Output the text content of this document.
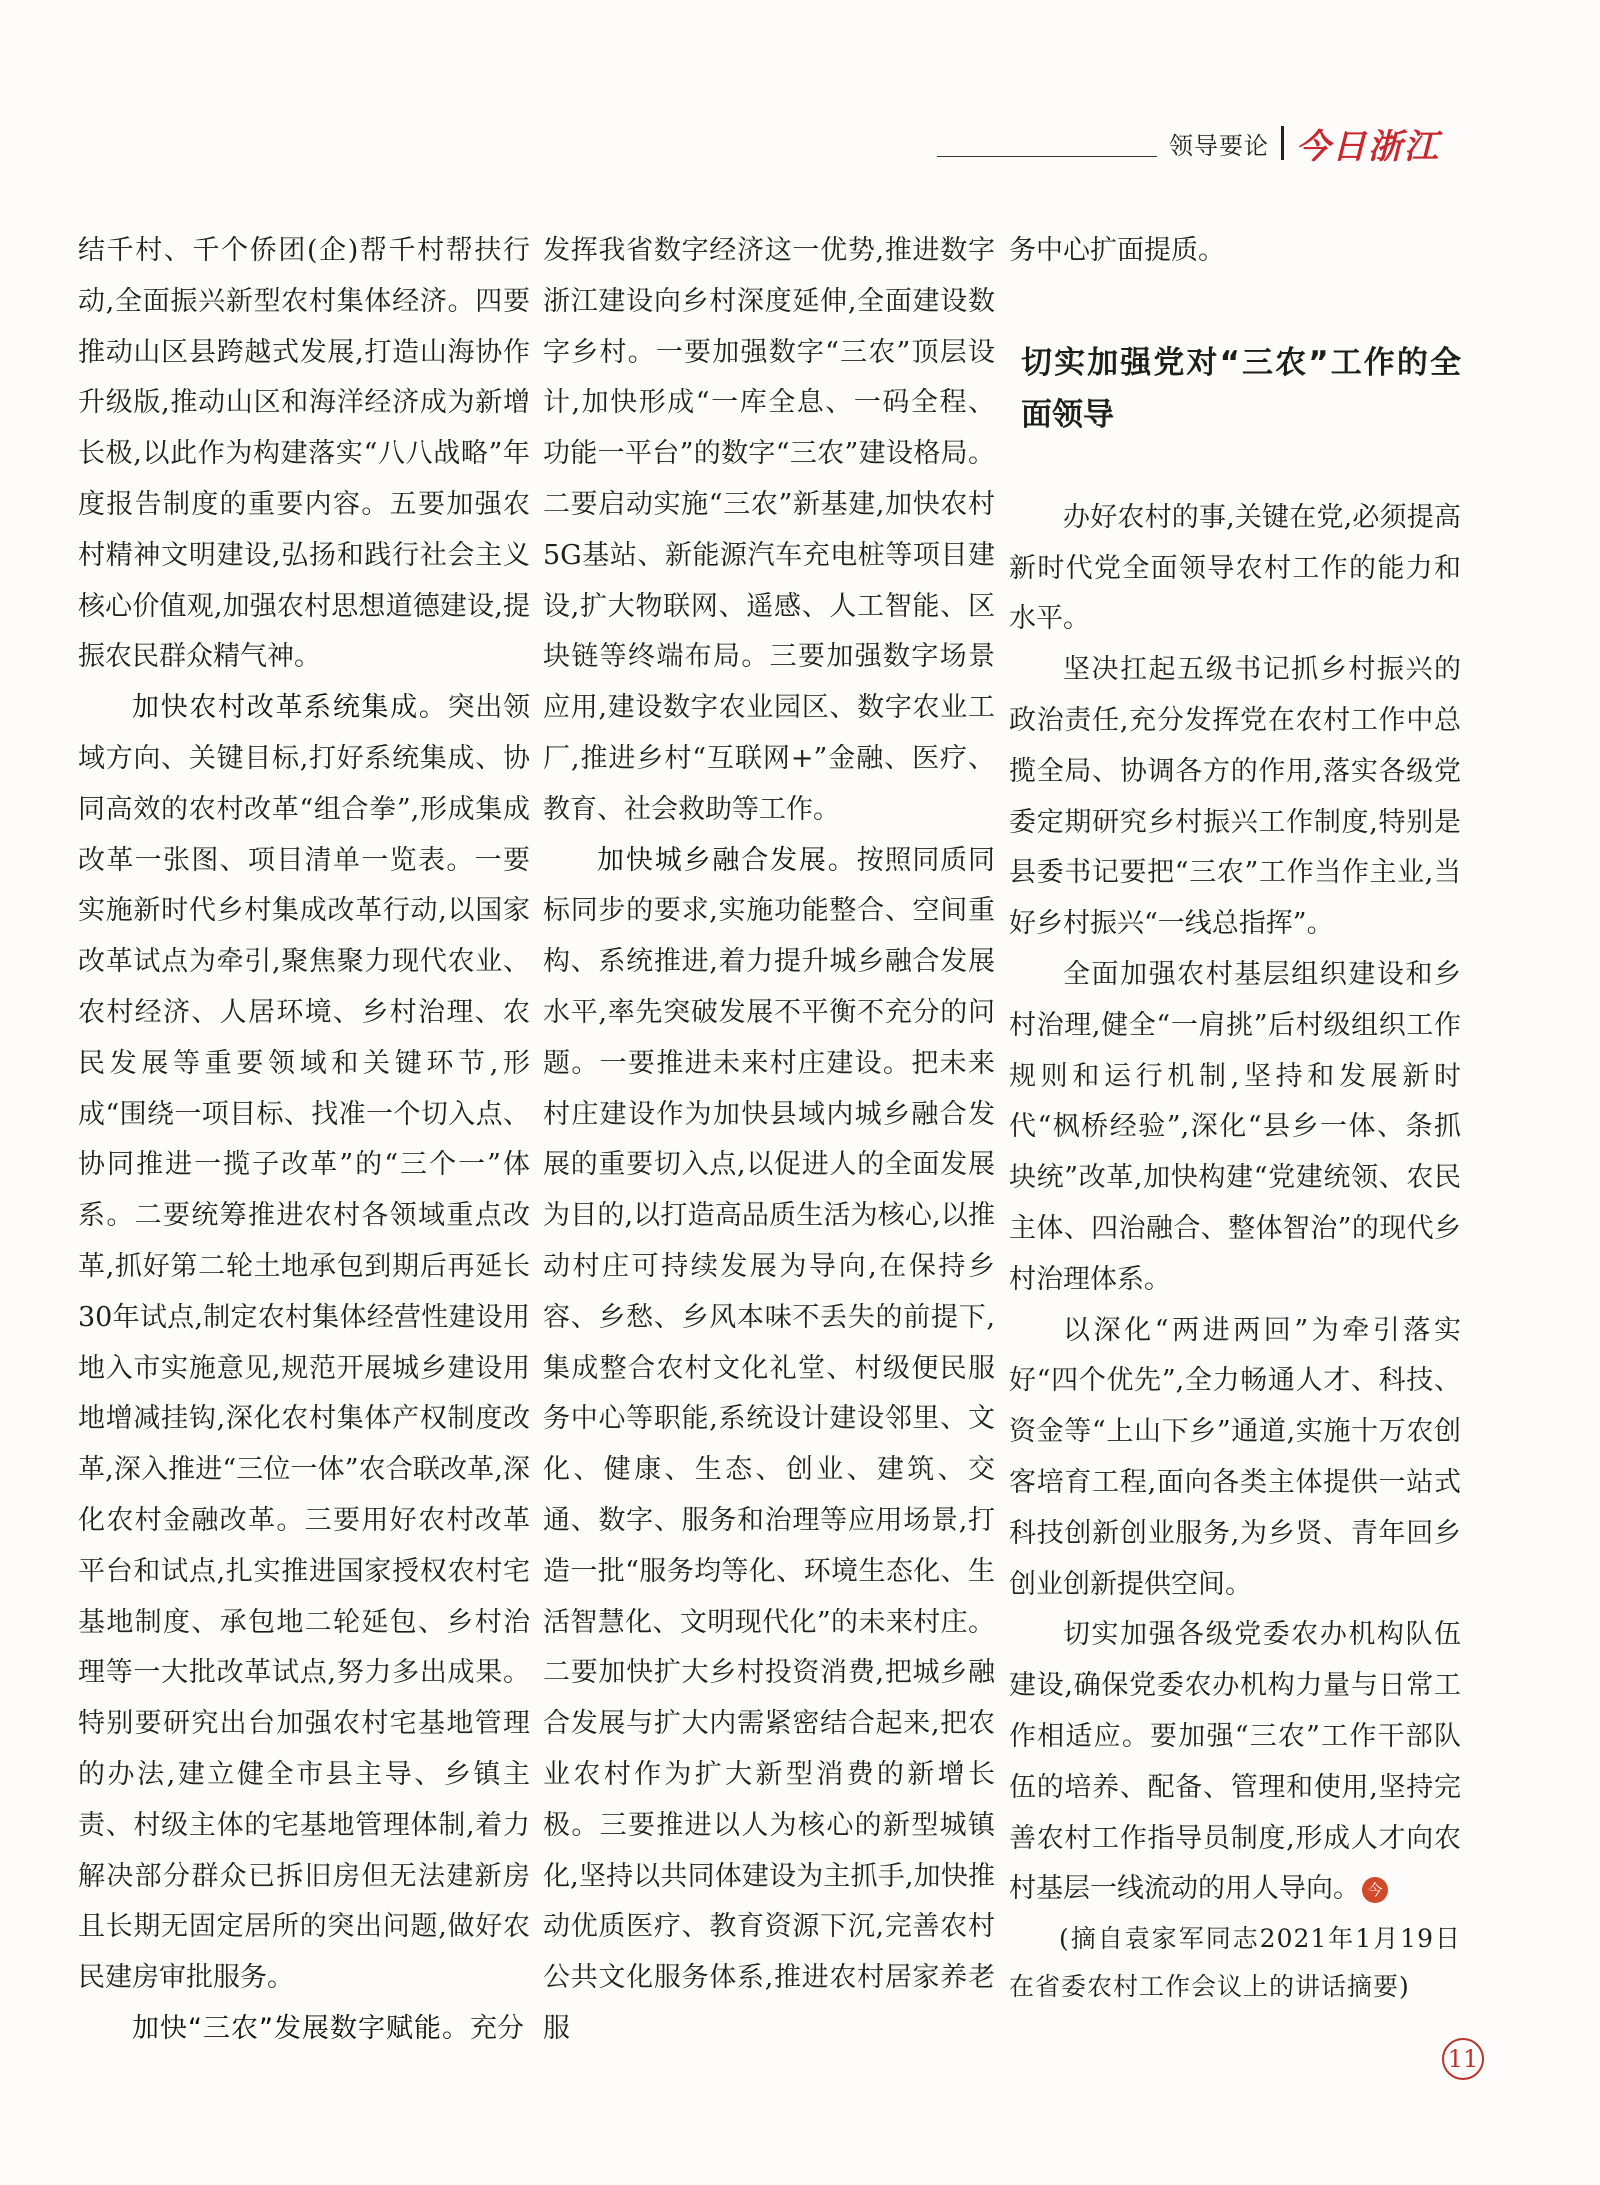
领导要论 今日浙江

结千村、千个侨团(企)帮千村帮扶行动,全面振兴新型农村集体经济。四要推动山区县跨越式发展,打造山海协作升级版,推动山区和海洋经济成为新增长极,以此作为构建落实“八八战略”年度报告制度的重要内容。五要加强农村精神文明建设,弘扬和践行社会主义核心价值观,加强农村思想道德建设,提振农民群众精气神。

加快农村改革系统集成。突出领域方向、关键目标,打好系统集成、协同高效的农村改革“组合拳”,形成集成改革一张图、项目清单一览表。一要实施新时代乡村集成改革行动,以国家改革试点为牵引,聚焦聚力现代农业、农村经济、人居环境、乡村治理、农民发展等重要领域和关键环节,形成“围绕一项目标、找准一个切入点、协同推进一揽子改革”的“三个一”体系。二要统筹推进农村各领域重点改革,抓好第二轮土地承包到期后再延长30年试点,制定农村集体经营性建设用地入市实施意见,规范开展城乡建设用地增减挂钩,深化农村集体产权制度改革,深入推进“三位一体”农合联改革,深化农村金融改革。三要用好农村改革平台和试点,扎实推进国家授权农村宅基地制度、承包地二轮延包、乡村治理等一大批改革试点,努力多出成果。特别要研究出台加强农村宅基地管理的办法,建立健全市县主导、乡镇主责、村级主体的宅基地管理体制,着力解决部分群众已拆旧房但无法建新房且长期无固定居所的突出问题,做好农民建房审批服务。

加快“三农”发展数字赋能。充分

发挥我省数字经济这一优势,推进数字浙江建设向乡村深度延伸,全面建设数字乡村。一要加强数字“三农”顶层设计,加快形成“一库全息、一码全程、功能一平台”的数字“三农”建设格局。二要启动实施“三农”新基建,加快农村5G基站、新能源汽车充电桩等项目建设,扩大物联网、遥感、人工智能、区块链等终端布局。三要加强数字场景应用,建设数字农业园区、数字农业工厂,推进乡村“互联网+”金融、医疗、教育、社会救助等工作。

加快城乡融合发展。按照同质同标同步的要求,实施功能整合、空间重构、系统推进,着力提升城乡融合发展水平,率先突破发展不平衡不充分的问题。一要推进未来村庄建设。把未来村庄建设作为加快县域内城乡融合发展的重要切入点,以促进人的全面发展为目的,以打造高品质生活为核心,以推动村庄可持续发展为导向,在保持乡容、乡愁、乡风本味不丢失的前提下,集成整合农村文化礼堂、村级便民服务中心等职能,系统设计建设邻里、文化、健康、生态、创业、建筑、交通、数字、服务和治理等应用场景,打造一批“服务均等化、环境生态化、生活智慧化、文明现代化”的未来村庄。二要加快扩大乡村投资消费,把城乡融合发展与扩大内需紧密结合起来,把农业农村作为扩大新型消费的新增长极。三要推进以人为核心的新型城镇化,坚持以共同体建设为主抓手,加快推动优质医疗、教育资源下沉,完善农村公共文化服务体系,推进农村居家养老服

务中心扩面提质。

切实加强党对“三农”工作的全面领导

办好农村的事,关键在党,必须提高新时代党全面领导农村工作的能力和水平。

坚决扛起五级书记抓乡村振兴的政治责任,充分发挥党在农村工作中总揽全局、协调各方的作用,落实各级党委定期研究乡村振兴工作制度,特别是县委书记要把“三农”工作当作主业,当好乡村振兴“一线总指挥”。

全面加强农村基层组织建设和乡村治理,健全“一肩挑”后村级组织工作规则和运行机制,坚持和发展新时代“枫桥经验”,深化“县乡一体、条抓块统”改革,加快构建“党建统领、农民主体、四治融合、整体智治”的现代乡村治理体系。

以深化“两进两回”为牵引落实好“四个优先”,全力畅通人才、科技、资金等“上山下乡”通道,实施十万农创客培育工程,面向各类主体提供一站式科技创新创业服务,为乡贤、青年回乡创业创新提供空间。

切实加强各级党委农办机构队伍建设,确保党委农办机构力量与日常工作相适应。要加强“三农”工作干部队伍的培养、配备、管理和使用,坚持完善农村工作指导员制度,形成人才向农村基层一线流动的用人导向。 今

(摘自袁家军同志2021年1月19日在省委农村工作会议上的讲话摘要)

11
